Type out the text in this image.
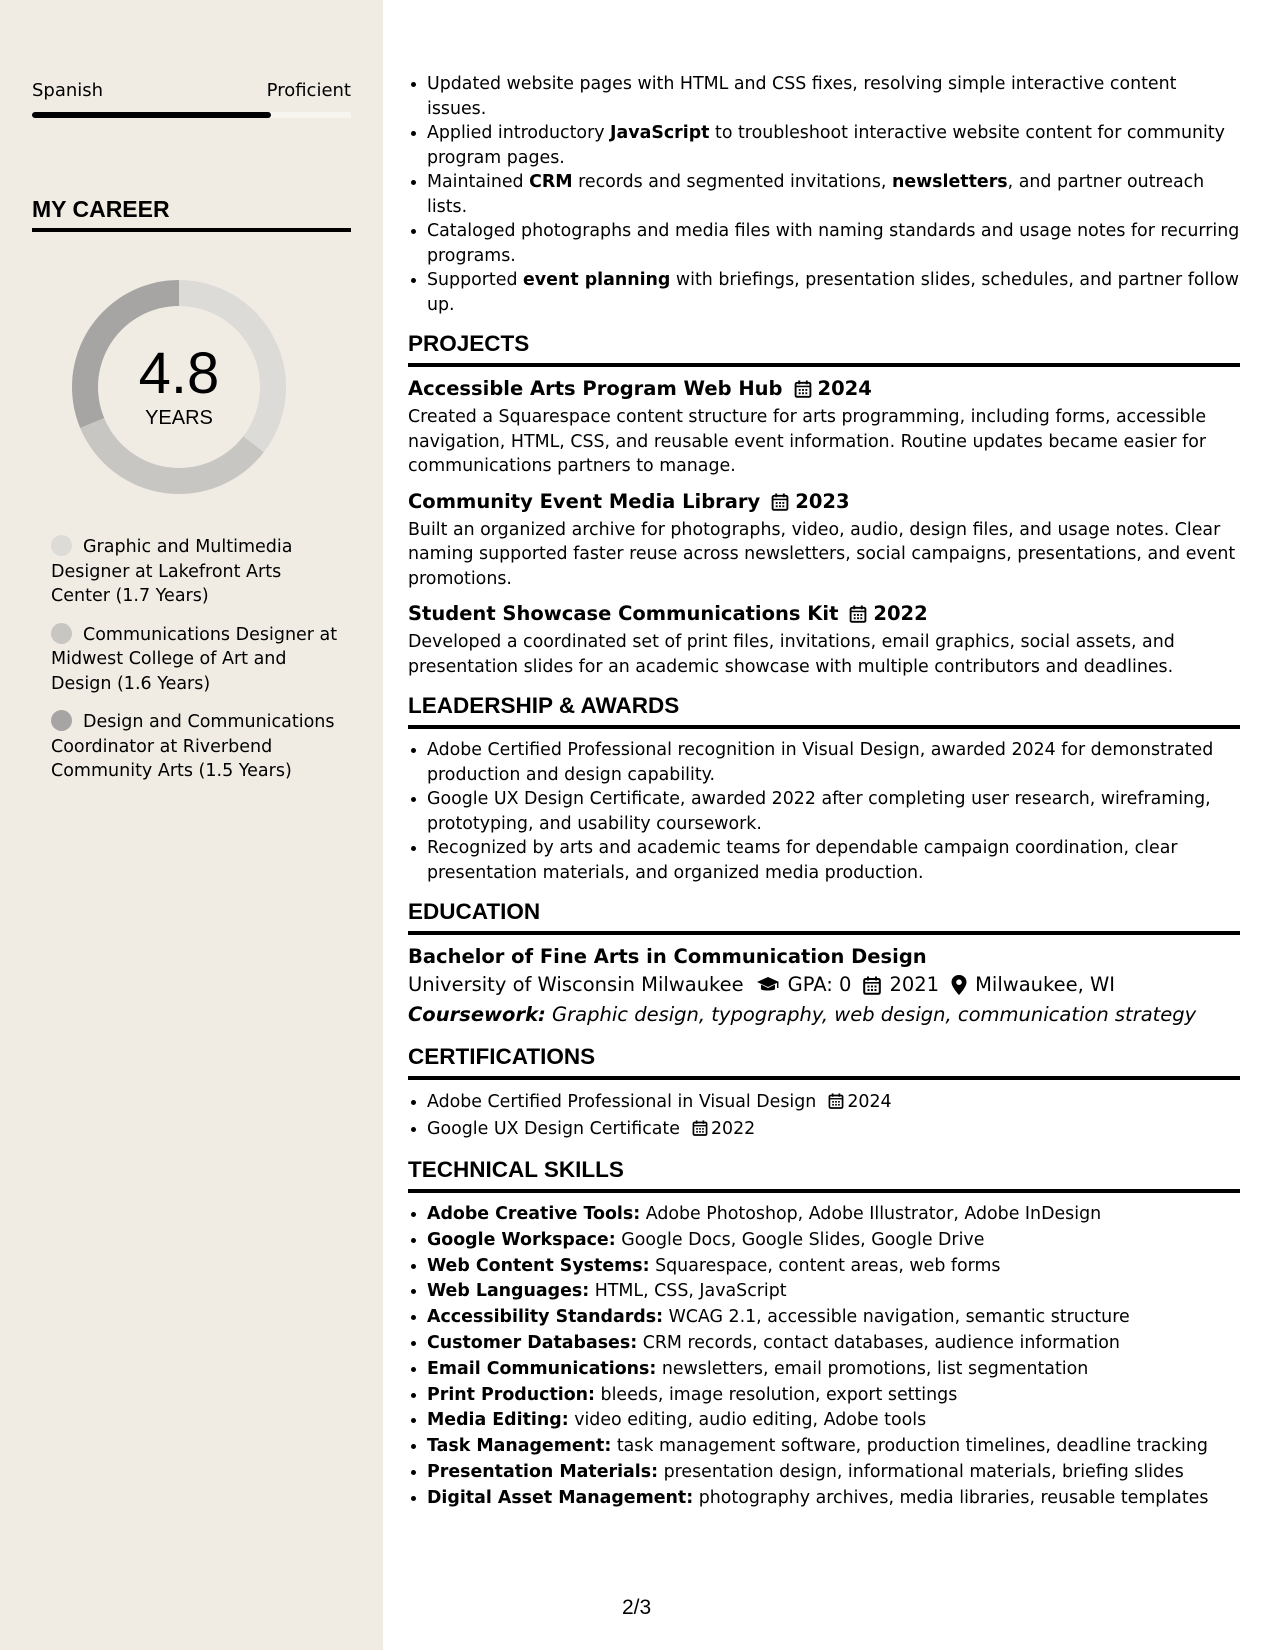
Spanish	Proficient
MY CAREER
4.8
YEARS
Graphic and Multimedia Designer at Lakefront Arts Center (1.7 Years)
Communications Designer at Midwest College of Art and Design (1.6 Years)
Design and Communications Coordinator at Riverbend Community Arts (1.5 Years)
• Updated website pages with HTML and CSS fixes, resolving simple interactive content issues.
• Applied introductory JavaScript to troubleshoot interactive website content for community program pages.
• Maintained CRM records and segmented invitations, newsletters, and partner outreach lists.
• Cataloged photographs and media files with naming standards and usage notes for recurring programs.
• Supported event planning with briefings, presentation slides, schedules, and partner follow up.
PROJECTS
Accessible Arts Program Web Hub 2024
Created a Squarespace content structure for arts programming, including forms, accessible navigation, HTML, CSS, and reusable event information. Routine updates became easier for communications partners to manage.
Community Event Media Library 2023
Built an organized archive for photographs, video, audio, design files, and usage notes. Clear naming supported faster reuse across newsletters, social campaigns, presentations, and event promotions.
Student Showcase Communications Kit 2022
Developed a coordinated set of print files, invitations, email graphics, social assets, and presentation slides for an academic showcase with multiple contributors and deadlines.
LEADERSHIP & AWARDS
• Adobe Certified Professional recognition in Visual Design, awarded 2024 for demonstrated production and design capability.
• Google UX Design Certificate, awarded 2022 after completing user research, wireframing, prototyping, and usability coursework.
• Recognized by arts and academic teams for dependable campaign coordination, clear presentation materials, and organized media production.
EDUCATION
Bachelor of Fine Arts in Communication Design
University of Wisconsin Milwaukee GPA: 0 2021 Milwaukee, WI
Coursework: Graphic design, typography, web design, communication strategy
CERTIFICATIONS
• Adobe Certified Professional in Visual Design 2024
• Google UX Design Certificate 2022
TECHNICAL SKILLS
• Adobe Creative Tools: Adobe Photoshop, Adobe Illustrator, Adobe InDesign
• Google Workspace: Google Docs, Google Slides, Google Drive
• Web Content Systems: Squarespace, content areas, web forms
• Web Languages: HTML, CSS, JavaScript
• Accessibility Standards: WCAG 2.1, accessible navigation, semantic structure
• Customer Databases: CRM records, contact databases, audience information
• Email Communications: newsletters, email promotions, list segmentation
• Print Production: bleeds, image resolution, export settings
• Media Editing: video editing, audio editing, Adobe tools
• Task Management: task management software, production timelines, deadline tracking
• Presentation Materials: presentation design, informational materials, briefing slides
• Digital Asset Management: photography archives, media libraries, reusable templates
2/3
